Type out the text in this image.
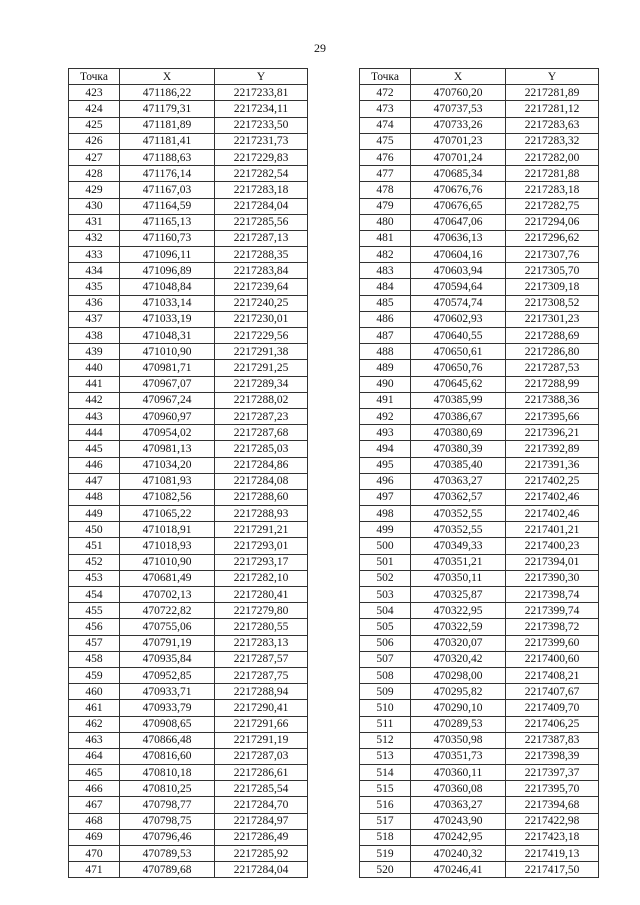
29
Точка	X	Y
423	471186,22	2217233,81
424	471179,31	2217234,11
425	471181,89	2217233,50
426	471181,41	2217231,73
427	471188,63	2217229,83
428	471176,14	2217282,54
429	471167,03	2217283,18
430	471164,59	2217284,04
431	471165,13	2217285,56
432	471160,73	2217287,13
433	471096,11	2217288,35
434	471096,89	2217283,84
435	471048,84	2217239,64
436	471033,14	2217240,25
437	471033,19	2217230,01
438	471048,31	2217229,56
439	471010,90	2217291,38
440	470981,71	2217291,25
441	470967,07	2217289,34
442	470967,24	2217288,02
443	470960,97	2217287,23
444	470954,02	2217287,68
445	470981,13	2217285,03
446	471034,20	2217284,86
447	471081,93	2217284,08
448	471082,56	2217288,60
449	471065,22	2217288,93
450	471018,91	2217291,21
451	471018,93	2217293,01
452	471010,90	2217293,17
453	470681,49	2217282,10
454	470702,13	2217280,41
455	470722,82	2217279,80
456	470755,06	2217280,55
457	470791,19	2217283,13
458	470935,84	2217287,57
459	470952,85	2217287,75
460	470933,71	2217288,94
461	470933,79	2217290,41
462	470908,65	2217291,66
463	470866,48	2217291,19
464	470816,60	2217287,03
465	470810,18	2217286,61
466	470810,25	2217285,54
467	470798,77	2217284,70
468	470798,75	2217284,97
469	470796,46	2217286,49
470	470789,53	2217285,92
471	470789,68	2217284,04
Точка	X	Y
472	470760,20	2217281,89
473	470737,53	2217281,12
474	470733,26	2217283,63
475	470701,23	2217283,32
476	470701,24	2217282,00
477	470685,34	2217281,88
478	470676,76	2217283,18
479	470676,65	2217282,75
480	470647,06	2217294,06
481	470636,13	2217296,62
482	470604,16	2217307,76
483	470603,94	2217305,70
484	470594,64	2217309,18
485	470574,74	2217308,52
486	470602,93	2217301,23
487	470640,55	2217288,69
488	470650,61	2217286,80
489	470650,76	2217287,53
490	470645,62	2217288,99
491	470385,99	2217388,36
492	470386,67	2217395,66
493	470380,69	2217396,21
494	470380,39	2217392,89
495	470385,40	2217391,36
496	470363,27	2217402,25
497	470362,57	2217402,46
498	470352,55	2217402,46
499	470352,55	2217401,21
500	470349,33	2217400,23
501	470351,21	2217394,01
502	470350,11	2217390,30
503	470325,87	2217398,74
504	470322,95	2217399,74
505	470322,59	2217398,72
506	470320,07	2217399,60
507	470320,42	2217400,60
508	470298,00	2217408,21
509	470295,82	2217407,67
510	470290,10	2217409,70
511	470289,53	2217406,25
512	470350,98	2217387,83
513	470351,73	2217398,39
514	470360,11	2217397,37
515	470360,08	2217395,70
516	470363,27	2217394,68
517	470243,90	2217422,98
518	470242,95	2217423,18
519	470240,32	2217419,13
520	470246,41	2217417,50
